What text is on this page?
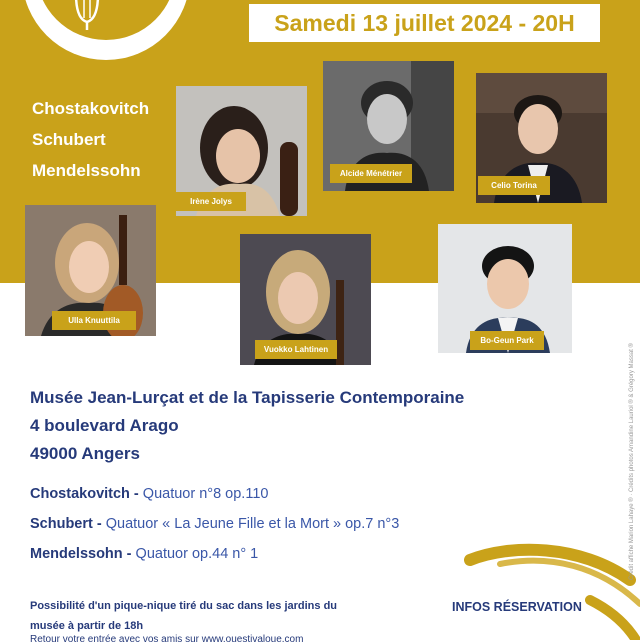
Samedi 13 juillet 2024 - 20H
Chostakovitch
Schubert
Mendelssohn
Irène Jolys
Alcide Ménétrier
Celio Torina
Ulla Knuuttila
Vuokko Lahtinen
Bo-Geun Park
Musée Jean-Lurçat et de la Tapisserie Contemporaine
4 boulevard Arago
49000 Angers
Chostakovitch - Quatuor n°8 op.110
Schubert - Quatuor « La Jeune Fille et la Mort » op.7 n°3
Mendelssohn - Quatuor op.44 n° 1
Possibilité d'un pique-nique tiré du sac dans les jardins du
musée à partir de 18h
Retour votre entrée avec vos amis sur www.ouestivaloue.com
INFOS RÉSERVATION
Crédit affiche Marion Lahaye ® · Crédits photos Amandine Lauriol ® & Grégory Massat ®
